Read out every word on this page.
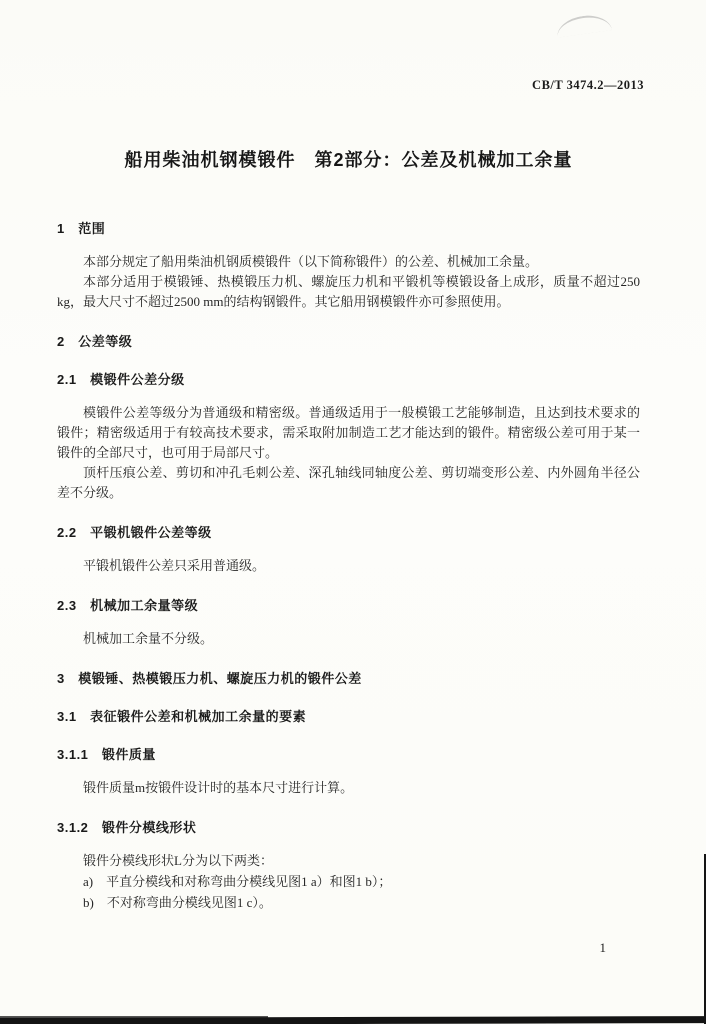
CB/T 3474.2—2013
船用柴油机钢模锻件　第2部分：公差及机械加工余量
1　范围

本部分规定了船用柴油机钢质模锻件（以下简称锻件）的公差、机械加工余量。

本部分适用于模锻锤、热模锻压力机、螺旋压力机和平锻机等模锻设备上成形，质量不超过250 kg，最大尺寸不超过2500 mm的结构钢锻件。其它船用钢模锻件亦可参照使用。

2　公差等级
2.1　模锻件公差分级

模锻件公差等级分为普通级和精密级。普通级适用于一般模锻工艺能够制造，且达到技术要求的锻件；精密级适用于有较高技术要求，需采取附加制造工艺才能达到的锻件。精密级公差可用于某一锻件的全部尺寸，也可用于局部尺寸。

顶杆压痕公差、剪切和冲孔毛刺公差、深孔轴线同轴度公差、剪切端变形公差、内外圆角半径公差不分级。

2.2　平锻机锻件公差等级

平锻机锻件公差只采用普通级。

2.3　机械加工余量等级

机械加工余量不分级。

3　模锻锤、热模锻压力机、螺旋压力机的锻件公差
3.1　表征锻件公差和机械加工余量的要素
3.1.1　锻件质量

锻件质量m按锻件设计时的基本尺寸进行计算。

3.1.2　锻件分模线形状

锻件分模线形状L分为以下两类：

a)　平直分模线和对称弯曲分模线见图1 a）和图1 b）；
b)　不对称弯曲分模线见图1 c）。
1
